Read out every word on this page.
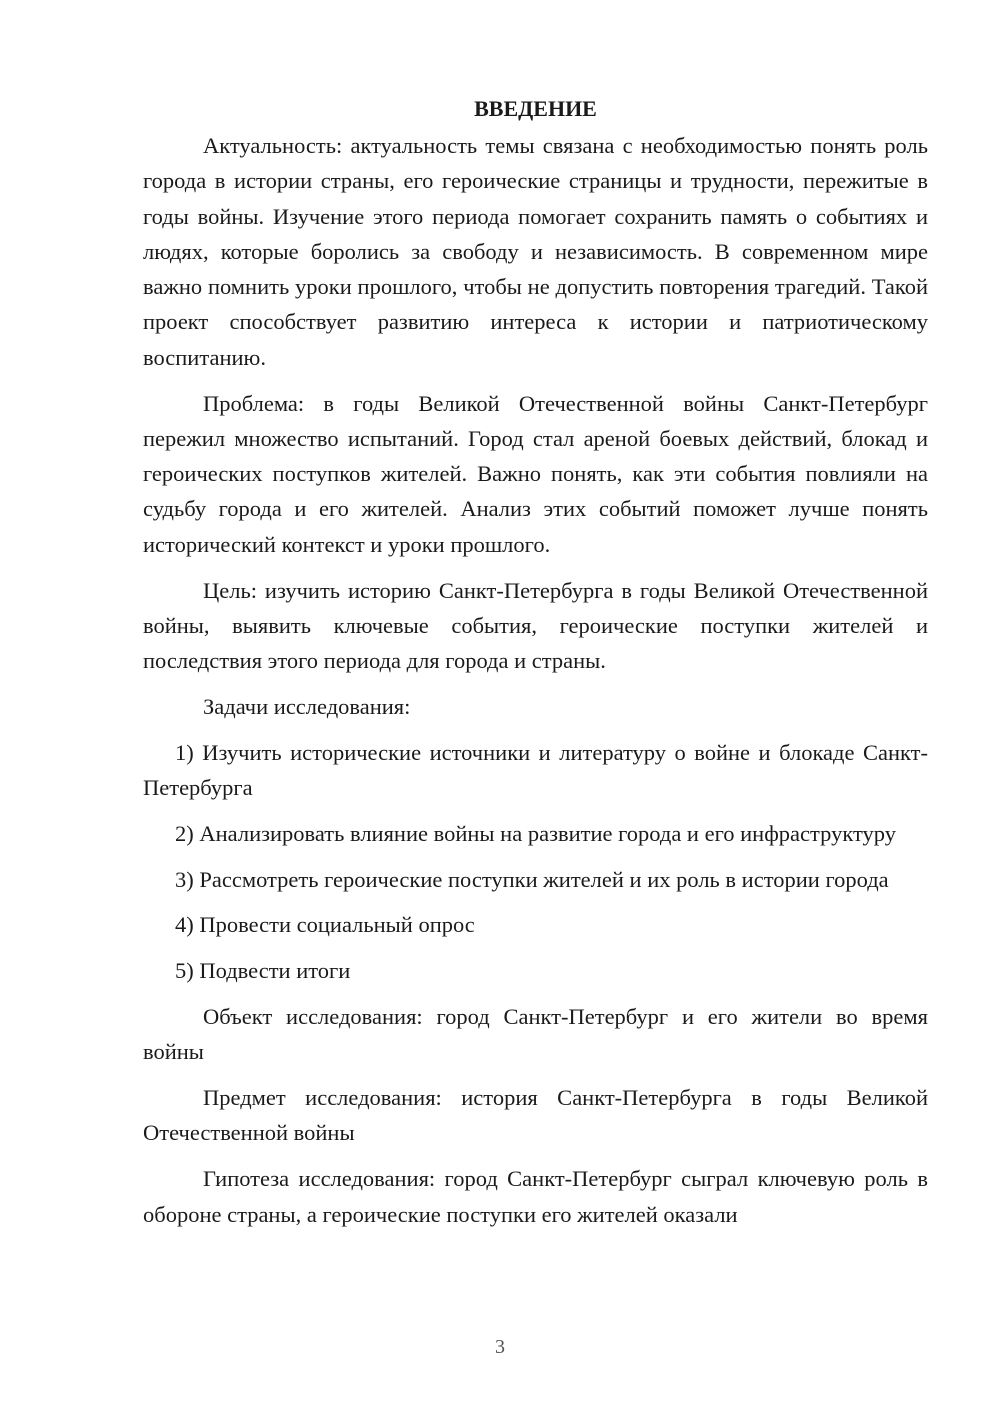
ВВЕДЕНИЕ

Актуальность: актуальность темы связана с необходимостью понять роль города в истории страны, его героические страницы и трудности, пережитые в годы войны. Изучение этого периода помогает сохранить память о событиях и людях, которые боролись за свободу и независимость. В современном мире важно помнить уроки прошлого, чтобы не допустить повторения трагедий. Такой проект способствует развитию интереса к истории и патриотическому воспитанию.

Проблема: в годы Великой Отечественной войны Санкт-Петербург пережил множество испытаний. Город стал ареной боевых действий, блокад и героических поступков жителей. Важно понять, как эти события повлияли на судьбу города и его жителей. Анализ этих событий поможет лучше понять исторический контекст и уроки прошлого.

Цель: изучить историю Санкт-Петербурга в годы Великой Отечественной войны, выявить ключевые события, героические поступки жителей и последствия этого периода для города и страны.

Задачи исследования:

1) Изучить исторические источники и литературу о войне и блокаде Санкт-Петербурга

2) Анализировать влияние войны на развитие города и его инфраструктуру

3) Рассмотреть героические поступки жителей и их роль в истории города

4) Провести социальный опрос

5) Подвести итоги

Объект исследования: город Санкт-Петербург и его жители во время войны

Предмет исследования: история Санкт-Петербурга в годы Великой Отечественной войны

Гипотеза исследования: город Санкт-Петербург сыграл ключевую роль в обороне страны, а героические поступки его жителей оказали

3
